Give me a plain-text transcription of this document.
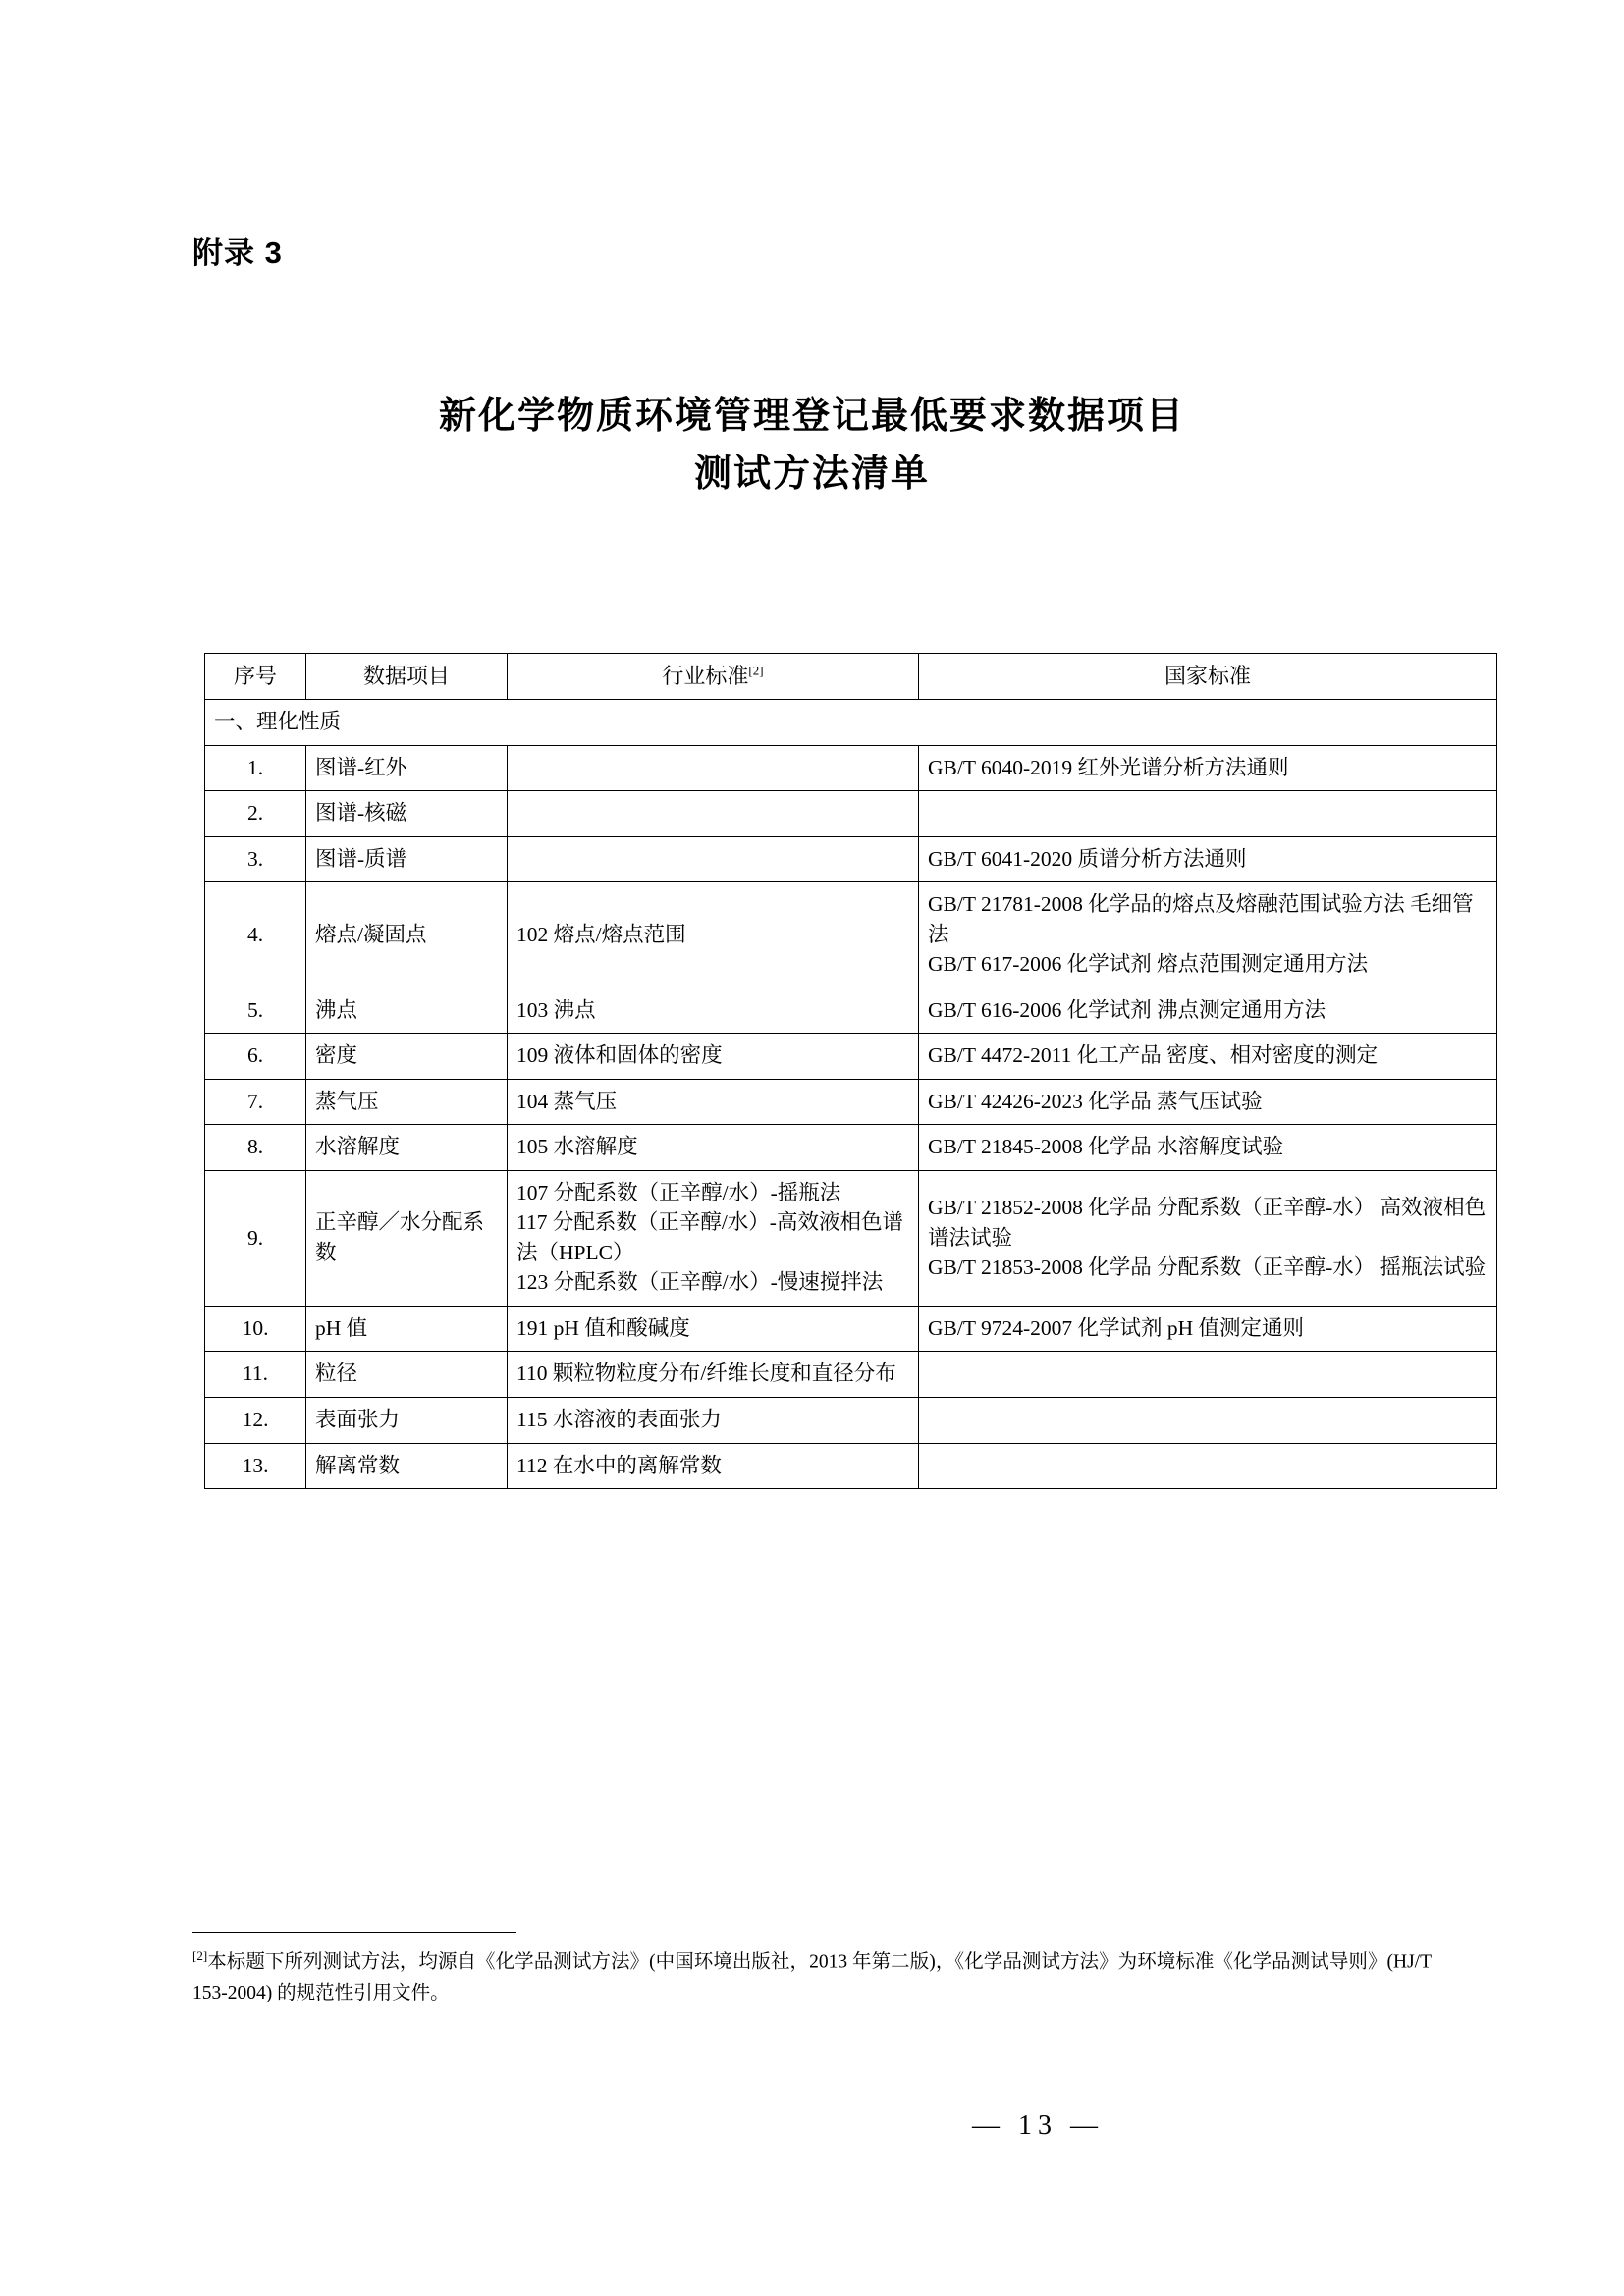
附录 3
新化学物质环境管理登记最低要求数据项目
测试方法清单
序号	数据项目	行业标准[2]	国家标准
一、理化性质			
1.	图谱-红外		GB/T 6040-2019 红外光谱分析方法通则
2.	图谱-核磁		
3.	图谱-质谱		GB/T 6041-2020 质谱分析方法通则
4.	熔点/凝固点	102 熔点/熔点范围	GB/T 21781-2008 化学品的熔点及熔融范围试验方法 毛细管法
GB/T 617-2006 化学试剂 熔点范围测定通用方法
5.	沸点	103 沸点	GB/T 616-2006 化学试剂 沸点测定通用方法
6.	密度	109 液体和固体的密度	GB/T 4472-2011 化工产品 密度、相对密度的测定
7.	蒸气压	104 蒸气压	GB/T 42426-2023 化学品 蒸气压试验
8.	水溶解度	105 水溶解度	GB/T 21845-2008 化学品 水溶解度试验
9.	正辛醇／水分配系数	107 分配系数（正辛醇/水）-摇瓶法
117 分配系数（正辛醇/水）-高效液相色谱法（HPLC）
123 分配系数（正辛醇/水）-慢速搅拌法	GB/T 21852-2008 化学品 分配系数（正辛醇-水） 高效液相色谱法试验
GB/T 21853-2008 化学品 分配系数（正辛醇-水） 摇瓶法试验
10.	pH 值	191 pH 值和酸碱度	GB/T 9724-2007 化学试剂 pH 值测定通则
11.	粒径	110 颗粒物粒度分布/纤维长度和直径分布	
12.	表面张力	115 水溶液的表面张力	
13.	解离常数	112 在水中的离解常数	
[2]本标题下所列测试方法，均源自《化学品测试方法》(中国环境出版社，2013 年第二版)，《化学品测试方法》为环境标准《化学品测试导则》(HJ/T 153-2004) 的规范性引用文件。
— 13 —
